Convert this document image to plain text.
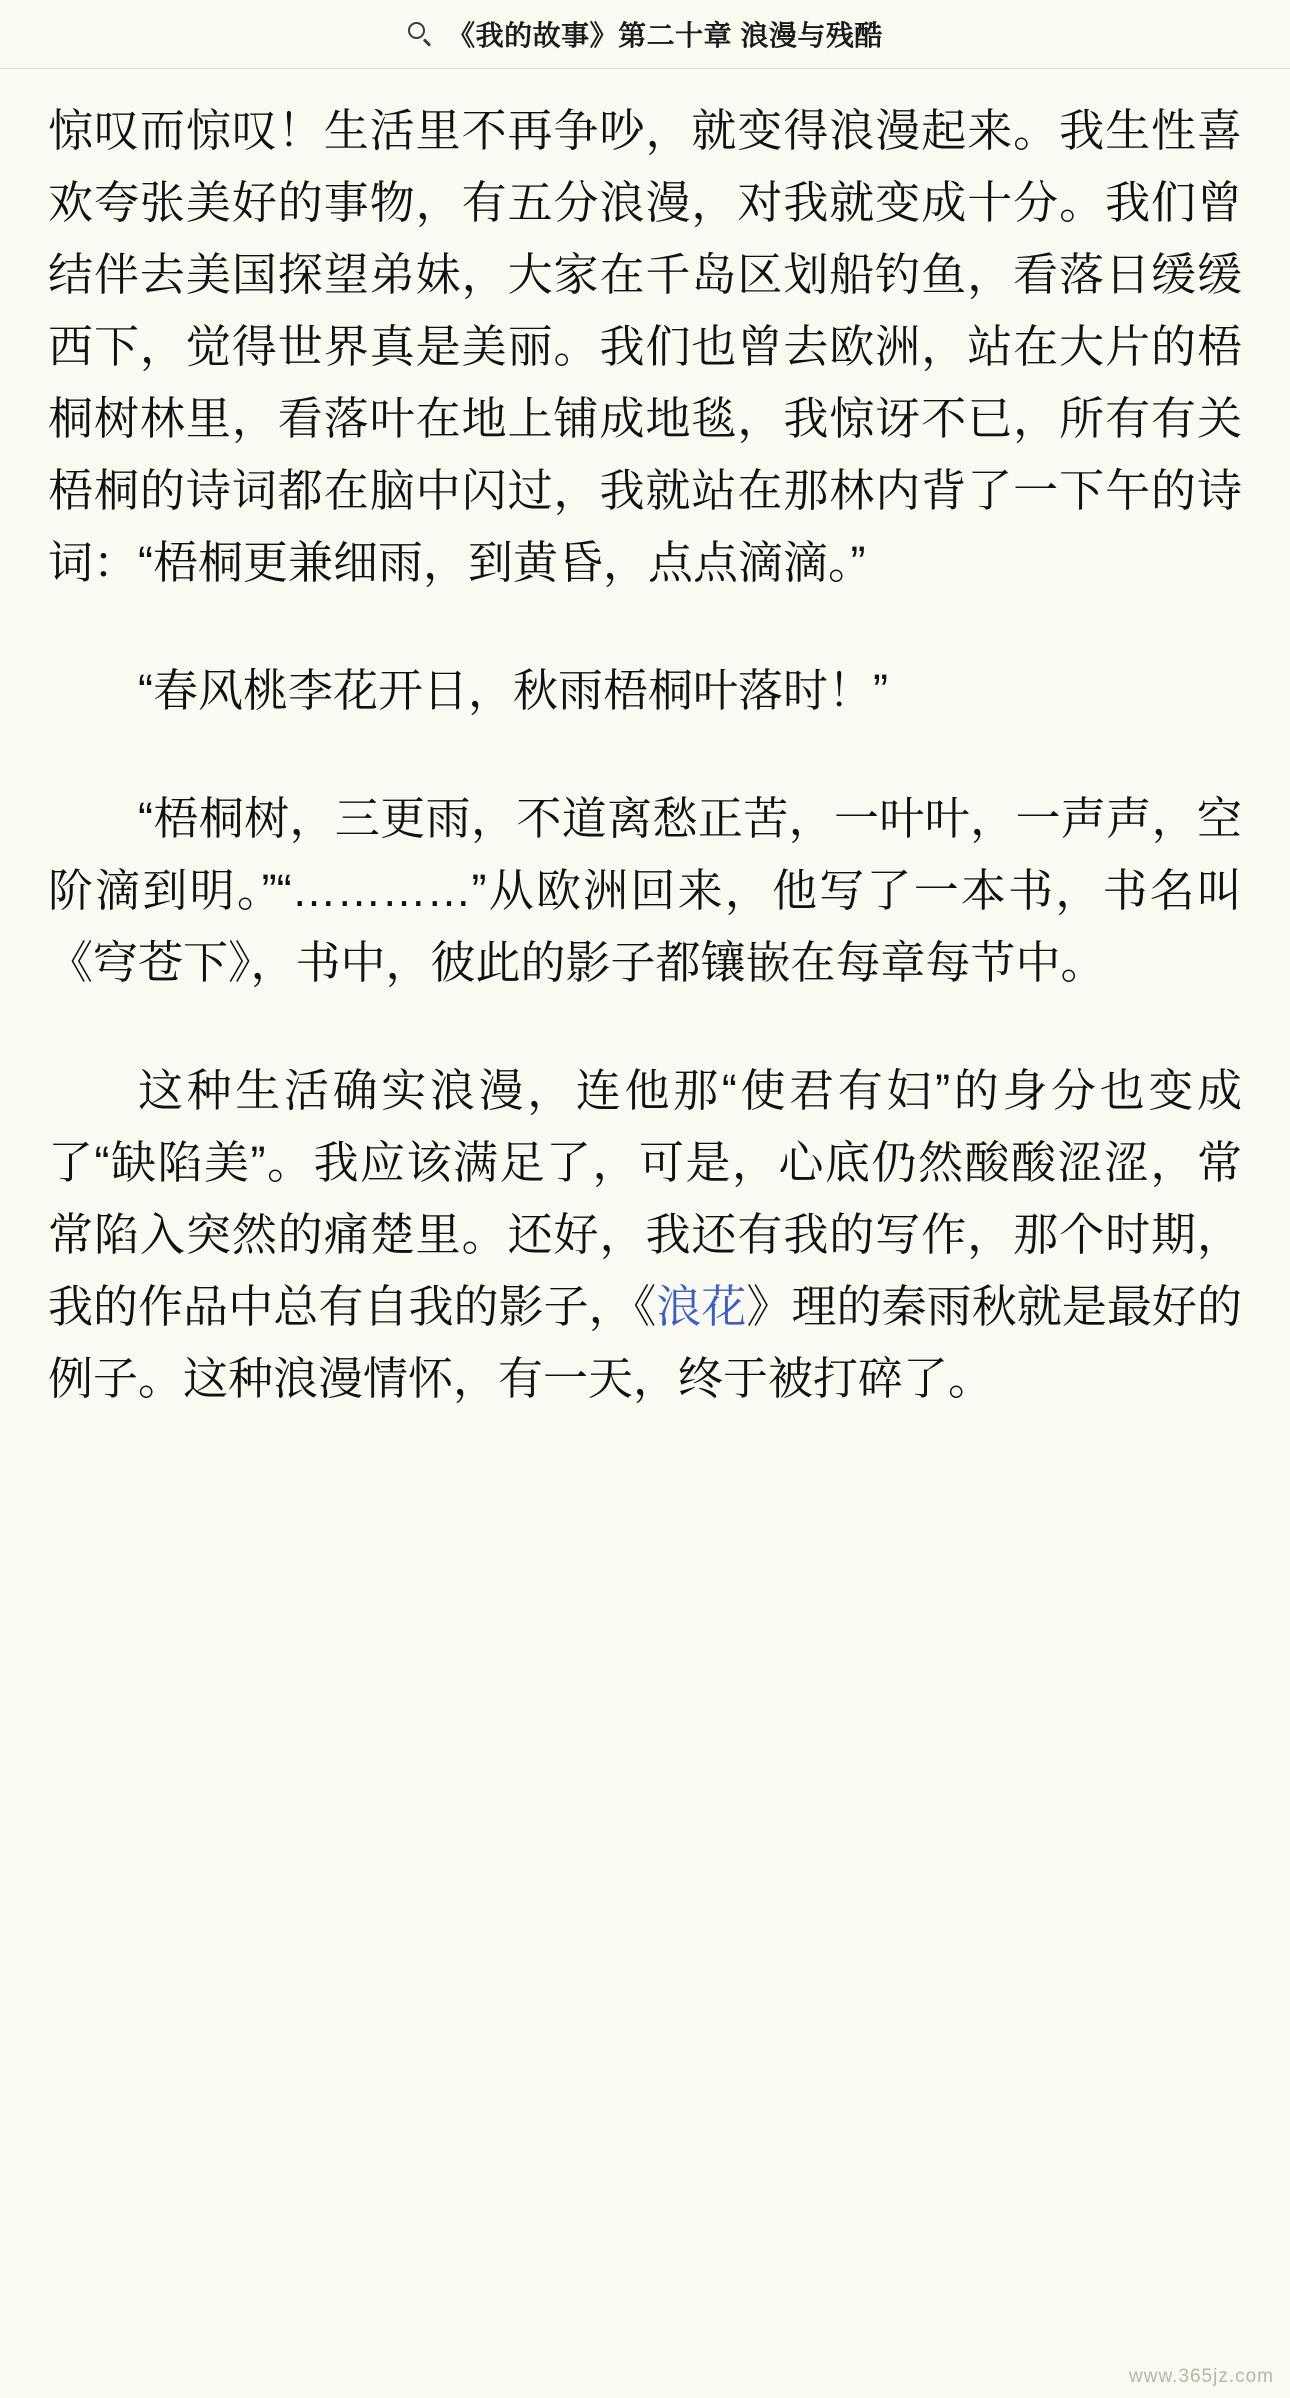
《我的故事》第二十章 浪漫与残酷

惊叹而惊叹！生活里不再争吵，就变得浪漫起来。我生性喜欢夸张美好的事物，有五分浪漫，对我就变成十分。我们曾结伴去美国探望弟妹，大家在千岛区划船钓鱼，看落日缓缓西下，觉得世界真是美丽。我们也曾去欧洲，站在大片的梧桐树林里，看落叶在地上铺成地毯，我惊讶不已，所有有关梧桐的诗词都在脑中闪过，我就站在那林内背了一下午的诗词：“梧桐更兼细雨，到黄昏，点点滴滴。”

“春风桃李花开日，秋雨梧桐叶落时！”

“梧桐树，三更雨，不道离愁正苦，一叶叶，一声声，空阶滴到明。”“…………”从欧洲回来，他写了一本书，书名叫《穹苍下》，书中，彼此的影子都镶嵌在每章每节中。

这种生活确实浪漫，连他那“使君有妇”的身分也变成了“缺陷美”。我应该满足了，可是，心底仍然酸酸涩涩，常常陷入突然的痛楚里。还好，我还有我的写作，那个时期，我的作品中总有自我的影子，《浪花》理的秦雨秋就是最好的例子。这种浪漫情怀，有一天，终于被打碎了。

www.365jz.com
